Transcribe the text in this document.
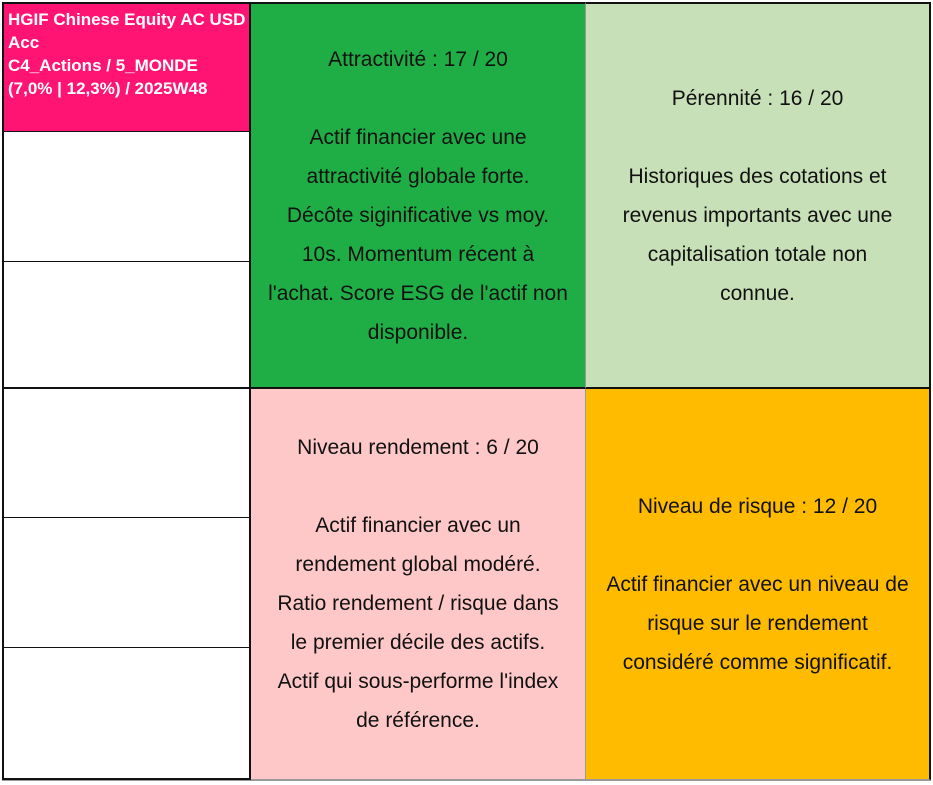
HGIF Chinese Equity AC USD
Acc
C4_Actions / 5_MONDE
(7,0% | 12,3%) / 2025W48
Attractivité : 17 / 20
Actif financier avec une
attractivité globale forte.
Décôte siginificative vs moy.
10s. Momentum récent à
l'achat. Score ESG de l'actif non
disponible.
Pérennité : 16 / 20
Historiques des cotations et
revenus importants avec une
capitalisation totale non
connue.
Niveau rendement : 6 / 20
Actif financier avec un
rendement global modéré.
Ratio rendement / risque dans
le premier décile des actifs.
Actif qui sous-performe l'index
de référence.
Niveau de risque : 12 / 20
Actif financier avec un niveau de
risque sur le rendement
considéré comme significatif.
